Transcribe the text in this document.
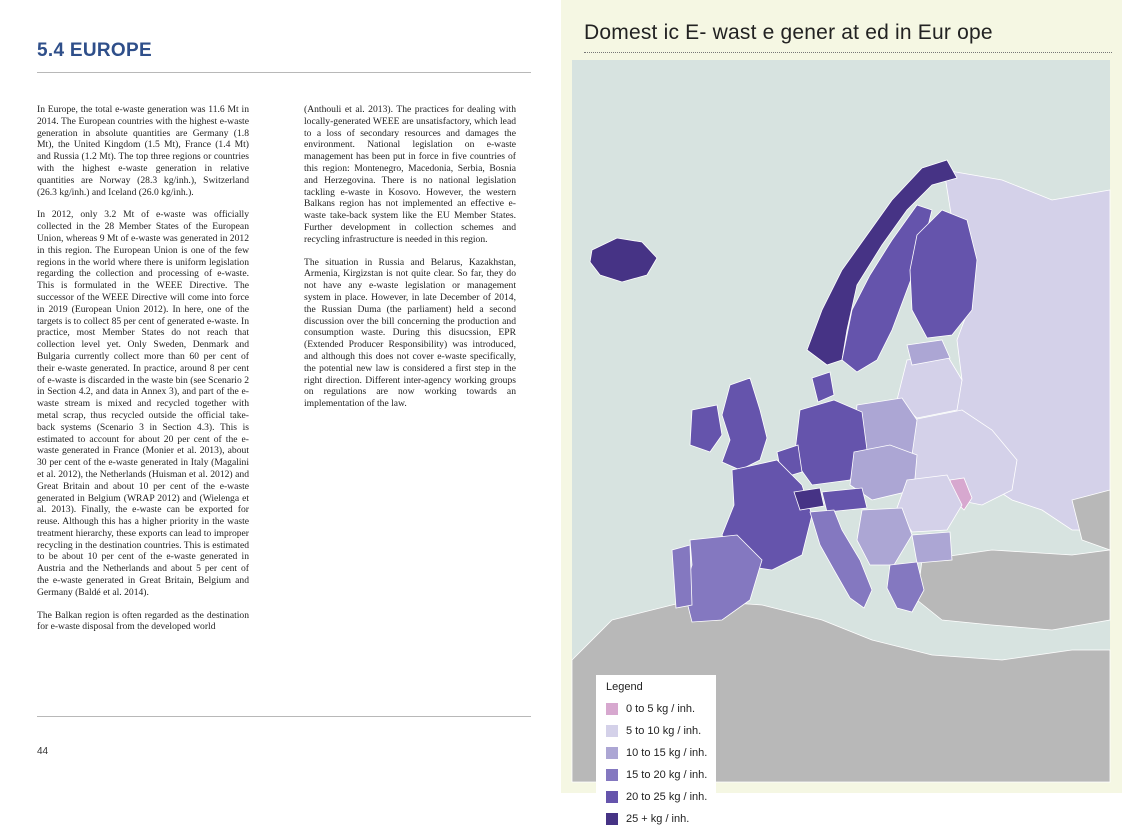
5.4 EUROPE

In Europe, the total e-waste generation was 11.6 Mt in 2014. The European countries with the highest e-waste generation in absolute quantities are Germany (1.8 Mt), the United Kingdom (1.5 Mt), France (1.4 Mt) and Russia (1.2 Mt). The top three regions or countries with the highest e-waste generation in relative quantities are Norway (28.3 kg/inh.), Switzerland (26.3 kg/inh.) and Iceland (26.0 kg/inh.).

In 2012, only 3.2 Mt of e-waste was officially collected in the 28 Member States of the European Union, whereas 9 Mt of e-waste was generated in 2012 in this region. The European Union is one of the few regions in the world where there is uniform legislation regarding the collection and processing of e-waste. This is formulated in the WEEE Directive. The successor of the WEEE Directive will come into force in 2019 (European Union 2012). In here, one of the targets is to collect 85 per cent of generated e-waste. In practice, most Member States do not reach that collection level yet. Only Sweden, Denmark and Bulgaria currently collect more than 60 per cent of their e-waste generated. In practice, around 8 per cent of e-waste is discarded in the waste bin (see Scenario 2 in Section 4.2, and data in Annex 3), and part of the e-waste stream is mixed and recycled together with metal scrap, thus recycled outside the official take-back systems (Scenario 3 in Section 4.3). This is estimated to account for about 20 per cent of the e-waste generated in France (Monier et al. 2013), about 30 per cent of the e-waste generated in Italy (Magalini et al. 2012), the Netherlands (Huisman et al. 2012) and Great Britain and about 10 per cent of the e-waste generated in Belgium (WRAP 2012) and (Wielenga et al. 2013). Finally, the e-waste can be exported for reuse. Although this has a higher priority in the waste treatment hierarchy, these exports can lead to improper recycling in the destination countries. This is estimated to be about 10 per cent of the e-waste generated in Austria and the Netherlands and about 5 per cent of the e-waste generated in Great Britain, Belgium and Germany (Baldé et al. 2014).

The Balkan region is often regarded as the destination for e-waste disposal from the developed world

(Anthouli et al. 2013). The practices for dealing with locally-generated WEEE are unsatisfactory, which lead to a loss of secondary resources and damages the environment. National legislation on e-waste management has been put in force in five countries of this region: Montenegro, Macedonia, Serbia, Bosnia and Herzegovina. There is no national legislation tackling e-waste in Kosovo. However, the western Balkans region has not implemented an effective e-waste take-back system like the EU Member States. Further development in collection schemes and recycling infrastructure is needed in this region.

The situation in Russia and Belarus, Kazakhstan, Armenia, Kirgizstan is not quite clear. So far, they do not have any e-waste legislation or management system in place. However, in late December of 2014, the Russian Duma (the parliament) held a second discussion over the bill concerning the production and consumption waste. During this disucssion, EPR (Extended Producer Responsibility) was introduced, and although this does not cover e-waste specifically, the potential new law is considered a first step in the right direction. Different inter-agency working groups on regulations are now working towards an implementation of the law.

44
Domest ic E- wast e gener at ed in Eur ope
Legend
0 to 5 kg / inh.
5 to 10 kg / inh.
10 to 15 kg / inh.
15 to 20 kg / inh.
20 to 25 kg / inh.
25 + kg / inh.
